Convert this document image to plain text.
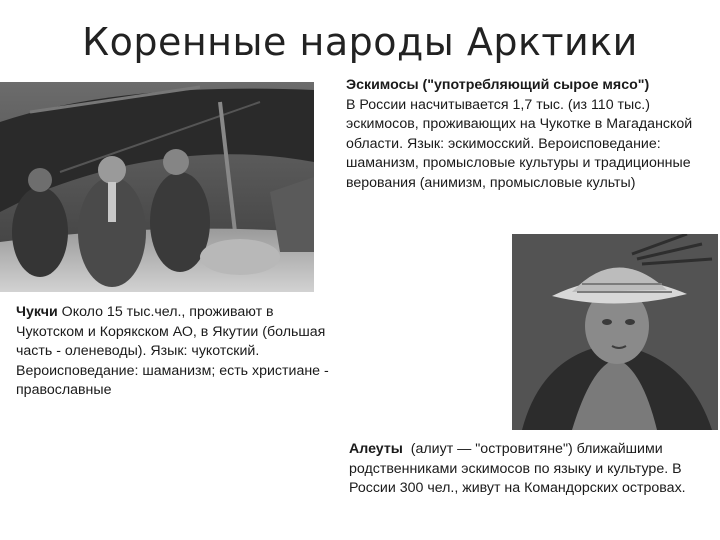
Коренные народы Арктики
Эскимосы ("употребляющий сырое мясо")
В России насчитывается 1,7 тыс. (из 110 тыс.) эскимосов, проживающих на Чукотке в Магаданской области. Язык: эскимосский. Вероисповедание: шаманизм, промысловые культуры и традиционные верования (анимизм, промысловые культы)
Чукчи Около 15 тыс.чел., проживают в Чукотском и Корякском АО, в Якутии (большая часть - оленеводы). Язык: чукотский. Вероисповедание: шаманизм; есть христиане - православные
Алеуты  (алиут — "островитяне") ближайшими родственниками эскимосов по языку и культуре. В России 300 чел., живут на Командорских островах.
